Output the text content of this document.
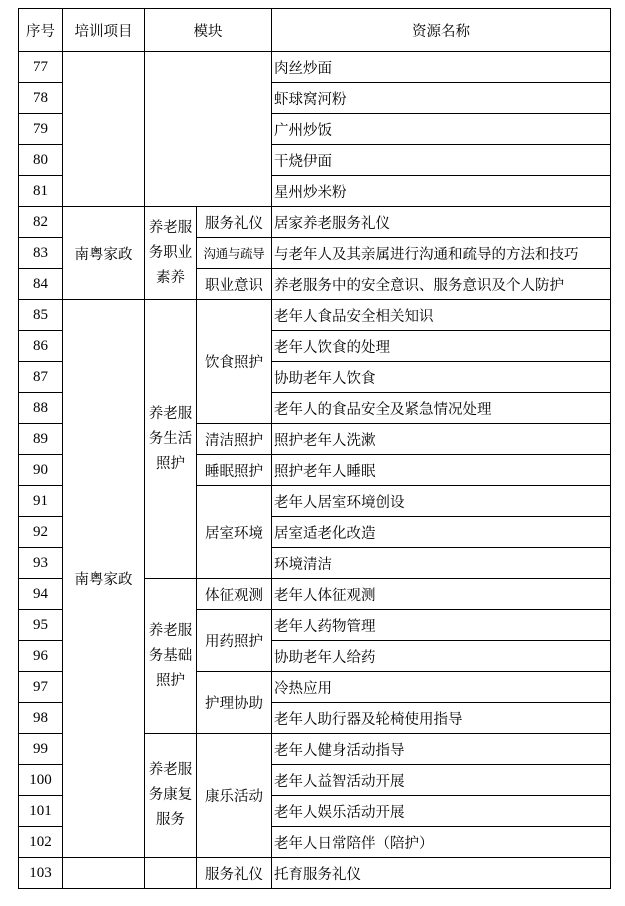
序号	培训项目	模块		资源名称
77				肉丝炒面
78				虾球窝河粉
79				广州炒饭
80				干烧伊面
81				星州炒米粉
82	南粤家政	养老服务职业素养	服务礼仪	居家养老服务礼仪
83			沟通与疏导	与老年人及其亲属进行沟通和疏导的方法和技巧
84			职业意识	养老服务中的安全意识、服务意识及个人防护
85	南粤家政	养老服务生活照护	饮食照护	老年人食品安全相关知识
86				老年人饮食的处理
87				协助老年人饮食
88				老年人的食品安全及紧急情况处理
89			清洁照护	照护老年人洗漱
90			睡眠照护	照护老年人睡眠
91			居室环境	老年人居室环境创设
92				居室适老化改造
93				环境清洁
94		养老服务基础照护	体征观测	老年人体征观测
95			用药照护	老年人药物管理
96				协助老年人给药
97			护理协助	冷热应用
98				老年人助行器及轮椅使用指导
99		养老服务康复服务	康乐活动	老年人健身活动指导
100				老年人益智活动开展
101				老年人娱乐活动开展
102				老年人日常陪伴（陪护）
103			服务礼仪	托育服务礼仪
